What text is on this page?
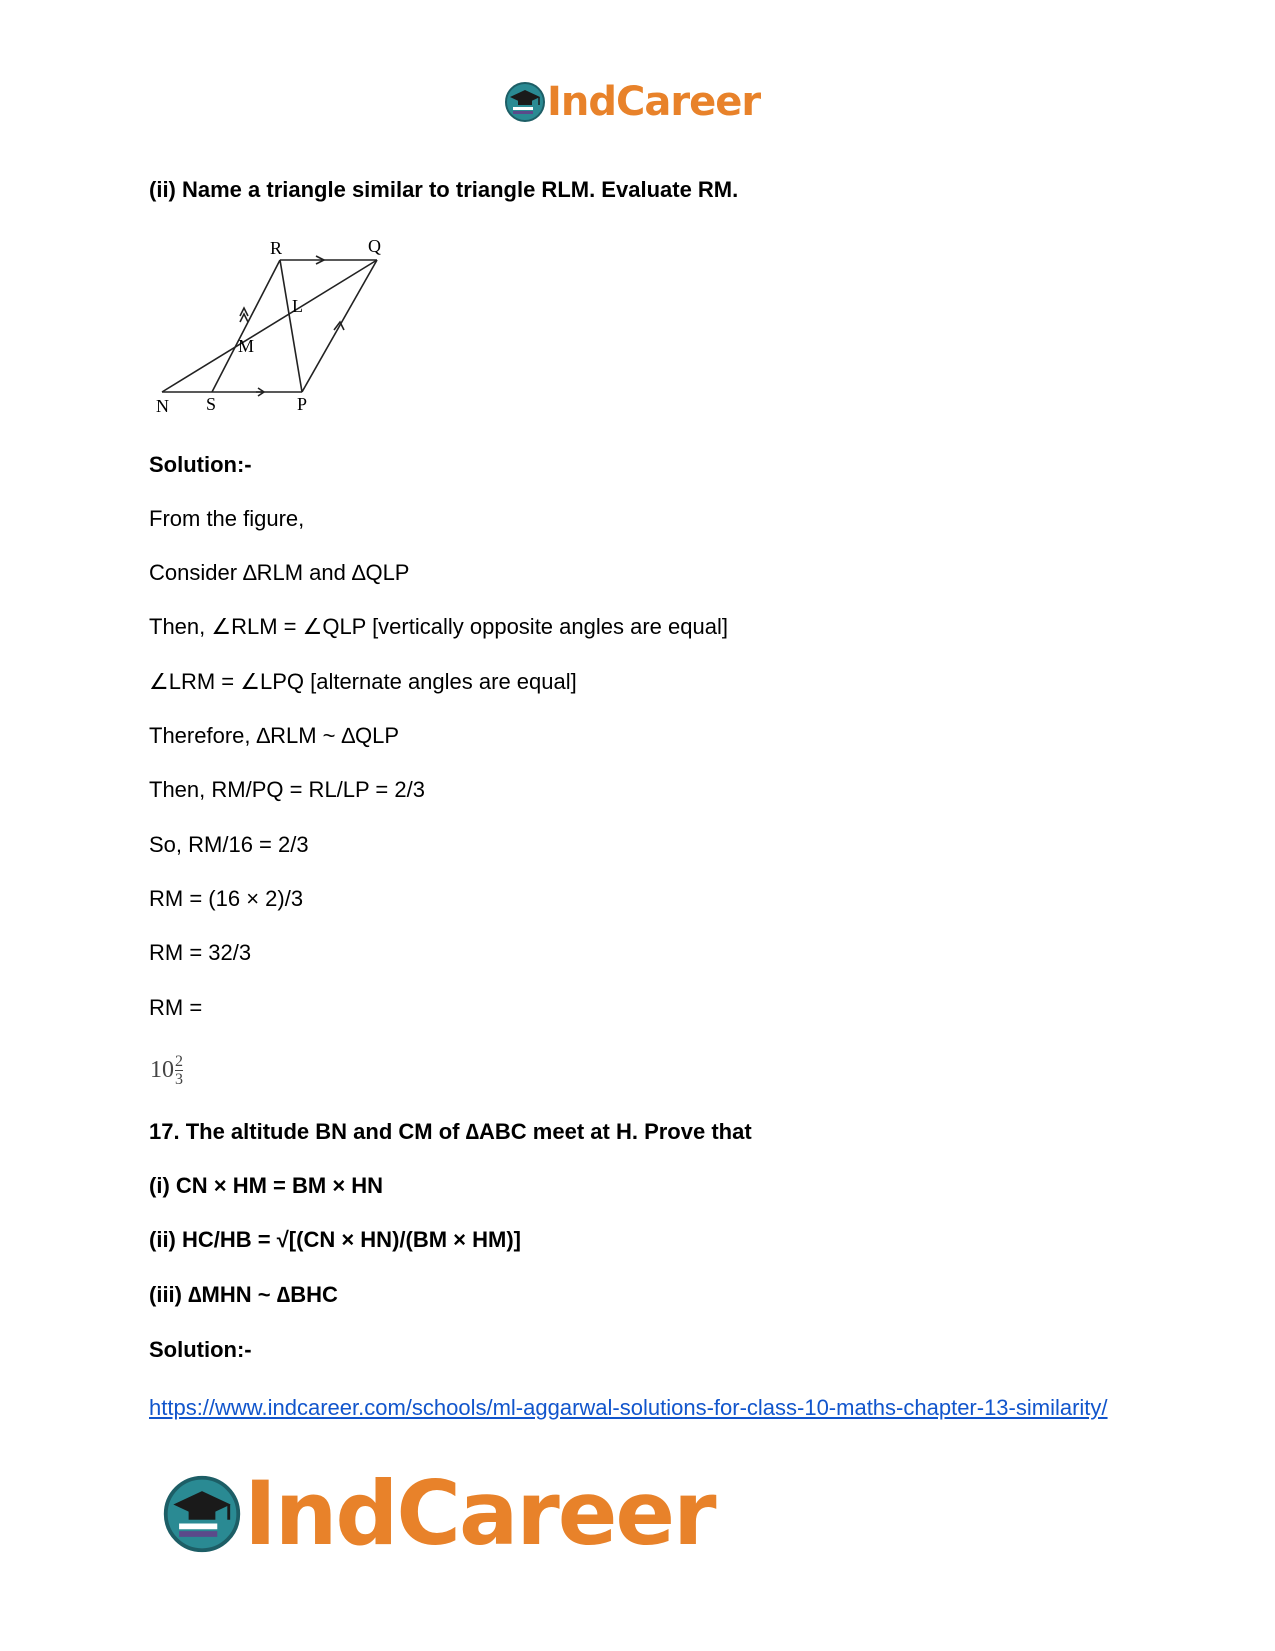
IndCareer
(ii) Name a triangle similar to triangle RLM. Evaluate RM.
R	Q
L
M
N S	P
Solution:-
From the figure,
Consider ∆RLM and ∆QLP
Then, ∠RLM = ∠QLP [vertically opposite angles are equal]
∠LRM = ∠LPQ [alternate angles are equal]
Therefore, ∆RLM ~ ∆QLP
Then, RM/PQ = RL/LP = 2/3
So, RM/16 = 2/3
RM = (16 × 2)/3
RM = 32/3
RM =
$10 \frac{2}{3}$
17. The altitude BN and CM of ∆ABC meet at H. Prove that
(i) CN × HM = BM × HN
(ii) HC/HB = √[(CN × HN)/(BM × HM)]
(iii) ∆MHN ~ ∆BHC
Solution:-
https://www.indcareer.com/schools/ml-aggarwal-solutions-for-class-10-maths-chapter-13-similarity/
IndCareer
